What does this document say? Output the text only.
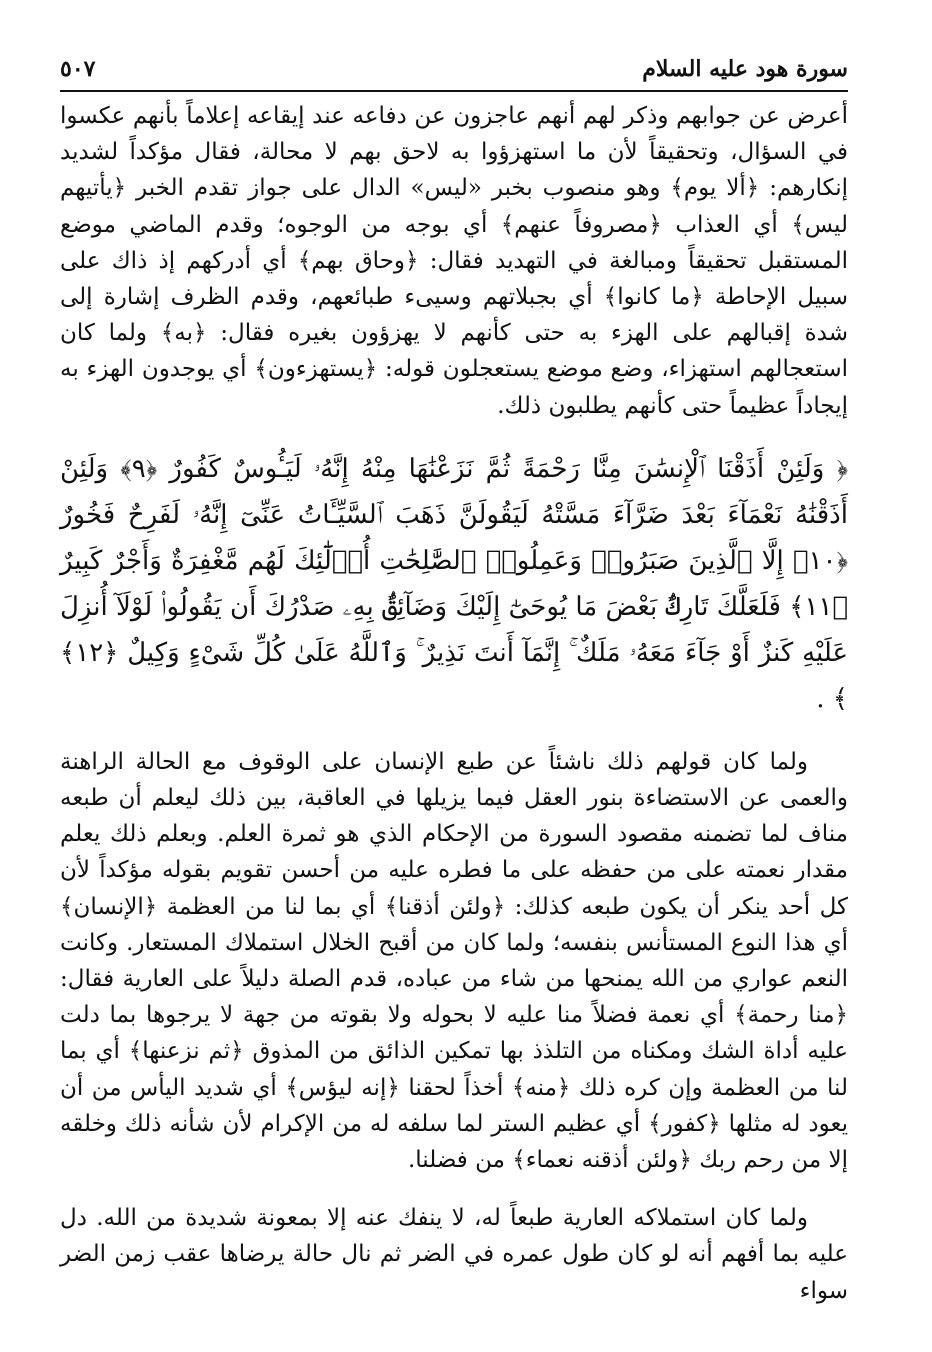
سورة هود عليه السلام
٥٠٧

أعرض عن جوابهم وذكر لهم أنهم عاجزون عن دفاعه عند إيقاعه إعلاماً بأنهم عكسوا في السؤال، وتحقيقاً لأن ما استهزؤوا به لاحق بهم لا محالة، فقال مؤكداً لشديد إنكارهم: ﴿ألا يوم﴾ وهو منصوب بخبر «ليس» الدال على جواز تقدم الخبر ﴿يأتيهم ليس﴾ أي العذاب ﴿مصروفاً عنهم﴾ أي بوجه من الوجوه؛ وقدم الماضي موضع المستقبل تحقيقاً ومبالغة في التهديد فقال: ﴿وحاق بهم﴾ أي أدركهم إذ ذاك على سبيل الإحاطة ﴿ما كانوا﴾ أي بجبلاتهم وسيىء طبائعهم، وقدم الظرف إشارة إلى شدة إقبالهم على الهزء به حتى كأنهم لا يهزؤون بغيره فقال: ﴿به﴾ ولما كان استعجالهم استهزاء، وضع موضع يستعجلون قوله: ﴿يستهزءون﴾ أي يوجدون الهزء به إيجاداً عظيماً حتى كأنهم يطلبون ذلك.

﴿ وَلَئِنْ أَذَقْنَا ٱلْإِنسَٰنَ مِنَّا رَحْمَةً ثُمَّ نَزَعْنَٰهَا مِنْهُ إِنَّهُۥ لَيَـُٔوسٌ كَفُورٌ ﴿٩﴾ وَلَئِنْ أَذَقْنَٰهُ نَعْمَآءَ بَعْدَ ضَرَّآءَ مَسَّتْهُ لَيَقُولَنَّ ذَهَبَ ٱلسَّيِّـَٔاتُ عَنِّىٓ إِنَّهُۥ لَفَرِحٌ فَخُورٌ ﴿١٠﴾ إِلَّا ٱلَّذِينَ صَبَرُوا۟ وَعَمِلُوا۟ ٱلصَّٰلِحَٰتِ أُو۟لَٰٓئِكَ لَهُم مَّغْفِرَةٌ وَأَجْرٌ كَبِيرٌ ﴿١١﴾ فَلَعَلَّكَ تَارِكٌۢ بَعْضَ مَا يُوحَىٰٓ إِلَيْكَ وَضَآئِقٌۢ بِهِۦ صَدْرُكَ أَن يَقُولُوا۟ لَوْلَآ أُنزِلَ عَلَيْهِ كَنزٌ أَوْ جَآءَ مَعَهُۥ مَلَكٌ ۚ إِنَّمَآ أَنتَ نَذِيرٌ ۚ وَٱللَّهُ عَلَىٰ كُلِّ شَىْءٍ وَكِيلٌ ﴿١٢﴾ ﴾ .

ولما كان قولهم ذلك ناشئاً عن طبع الإنسان على الوقوف مع الحالة الراهنة والعمى عن الاستضاءة بنور العقل فيما يزيلها في العاقبة، بين ذلك ليعلم أن طبعه مناف لما تضمنه مقصود السورة من الإحكام الذي هو ثمرة العلم. وبعلم ذلك يعلم مقدار نعمته على من حفظه على ما فطره عليه من أحسن تقويم بقوله مؤكداً لأن كل أحد ينكر أن يكون طبعه كذلك: ﴿ولئن أذقنا﴾ أي بما لنا من العظمة ﴿الإنسان﴾ أي هذا النوع المستأنس بنفسه؛ ولما كان من أقبح الخلال استملاك المستعار. وكانت النعم عواري من الله يمنحها من شاء من عباده، قدم الصلة دليلاً على العارية فقال: ﴿منا رحمة﴾ أي نعمة فضلاً منا عليه لا بحوله ولا بقوته من جهة لا يرجوها بما دلت عليه أداة الشك ومكناه من التلذذ بها تمكين الذائق من المذوق ﴿ثم نزعنها﴾ أي بما لنا من العظمة وإن كره ذلك ﴿منه﴾ أخذاً لحقنا ﴿إنه ليؤس﴾ أي شديد اليأس من أن يعود له مثلها ﴿كفور﴾ أي عظيم الستر لما سلفه له من الإكرام لأن شأنه ذلك وخلقه إلا من رحم ربك ﴿ولئن أذقنه نعماء﴾ من فضلنا.

ولما كان استملاكه العارية طبعاً له، لا ينفك عنه إلا بمعونة شديدة من الله. دل عليه بما أفهم أنه لو كان طول عمره في الضر ثم نال حالة يرضاها عقب زمن الضر سواء
